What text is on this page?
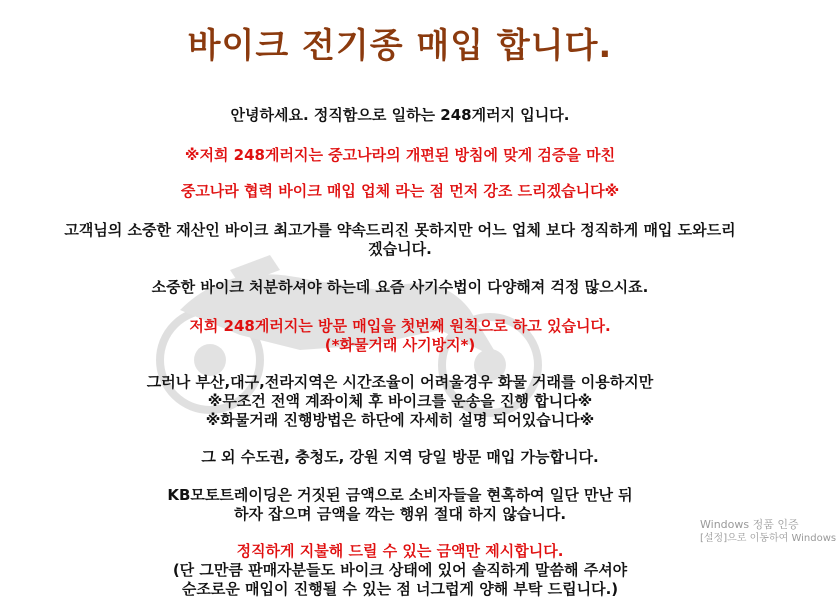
바이크 전기종 매입 합니다.
안녕하세요. 정직함으로 일하는 248게러지 입니다.
※저희 248게러지는 중고나라의 개편된 방침에 맞게 검증을 마친
중고나라 협력 바이크 매입 업체 라는 점 먼저 강조 드리겠습니다※
고객님의 소중한 재산인 바이크 최고가를 약속드리진 못하지만 어느 업체 보다 정직하게 매입 도와드리
겠습니다.
소중한 바이크 처분하셔야 하는데 요즘 사기수법이 다양해져 걱정 많으시죠.
저희 248게러지는 방문 매입을 첫번째 원칙으로 하고 있습니다.
(*화물거래 사기방지*)
그러나 부산,대구,전라지역은 시간조율이 어려울경우 화물 거래를 이용하지만
※무조건 전액 계좌이체 후 바이크를 운송을 진행 합니다※
※화물거래 진행방법은 하단에 자세히 설명 되어있습니다※
그 외 수도권, 충청도, 강원 지역 당일 방문 매입 가능합니다.
KB모토트레이딩은 거짓된 금액으로 소비자들을 현혹하여 일단 만난 뒤
하자 잡으며 금액을 깍는 행위 절대 하지 않습니다.
정직하게 지불해 드릴 수 있는 금액만 제시합니다.
(단 그만큼 판매자분들도 바이크 상태에 있어 솔직하게 말씀해 주셔야
순조로운 매입이 진행될 수 있는 점 너그럽게 양해 부탁 드립니다.)
Windows 정품 인증
[설정]으로 이동하여 Windows
